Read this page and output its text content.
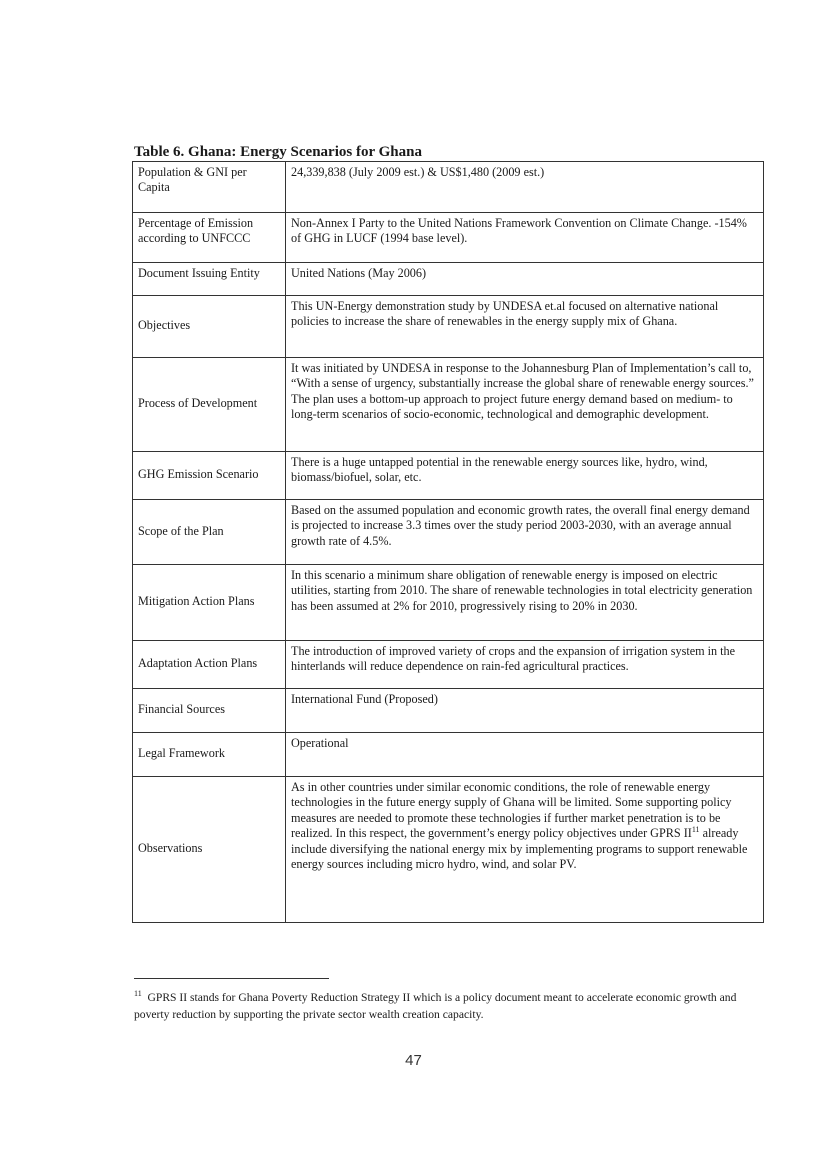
Table 6. Ghana: Energy Scenarios for Ghana
Population & GNI per Capita	24,339,838 (July 2009 est.) & US$1,480 (2009 est.)
Percentage of Emission according to UNFCCC	Non-Annex I Party to the United Nations Framework Convention on Climate Change. -154% of GHG in LUCF (1994 base level).
Document Issuing Entity	United Nations (May 2006)
Objectives	This UN-Energy demonstration study by UNDESA et.al focused on alternative national policies to increase the share of renewables in the energy supply mix of Ghana.
Process of Development	It was initiated by UNDESA in response to the Johannesburg Plan of Implementation’s call to, “With a sense of urgency, substantially increase the global share of renewable energy sources.” The plan uses a bottom-up approach to project future energy demand based on medium- to long-term scenarios of socio-economic, technological and demographic development.
GHG Emission Scenario	There is a huge untapped potential in the renewable energy sources like, hydro, wind, biomass/biofuel, solar, etc.
Scope of the Plan	Based on the assumed population and economic growth rates, the overall final energy demand is projected to increase 3.3 times over the study period 2003-2030, with an average annual growth rate of 4.5%.
Mitigation Action Plans	In this scenario a minimum share obligation of renewable energy is imposed on electric utilities, starting from 2010. The share of renewable technologies in total electricity generation has been assumed at 2% for 2010, progressively rising to 20% in 2030.
Adaptation Action Plans	The introduction of improved variety of crops and the expansion of irrigation system in the hinterlands will reduce dependence on rain-fed agricultural practices.
Financial Sources	International Fund (Proposed)
Legal Framework	Operational
Observations	As in other countries under similar economic conditions, the role of renewable energy technologies in the future energy supply of Ghana will be limited. Some supporting policy measures are needed to promote these technologies if further market penetration is to be realized. In this respect, the government’s energy policy objectives under GPRS II$^{11}$ already include diversifying the national energy mix by implementing programs to support renewable energy sources including micro hydro, wind, and solar PV.

$^{11}$ GPRS II stands for Ghana Poverty Reduction Strategy II which is a policy document meant to accelerate economic growth and poverty reduction by supporting the private sector wealth creation capacity.

47
